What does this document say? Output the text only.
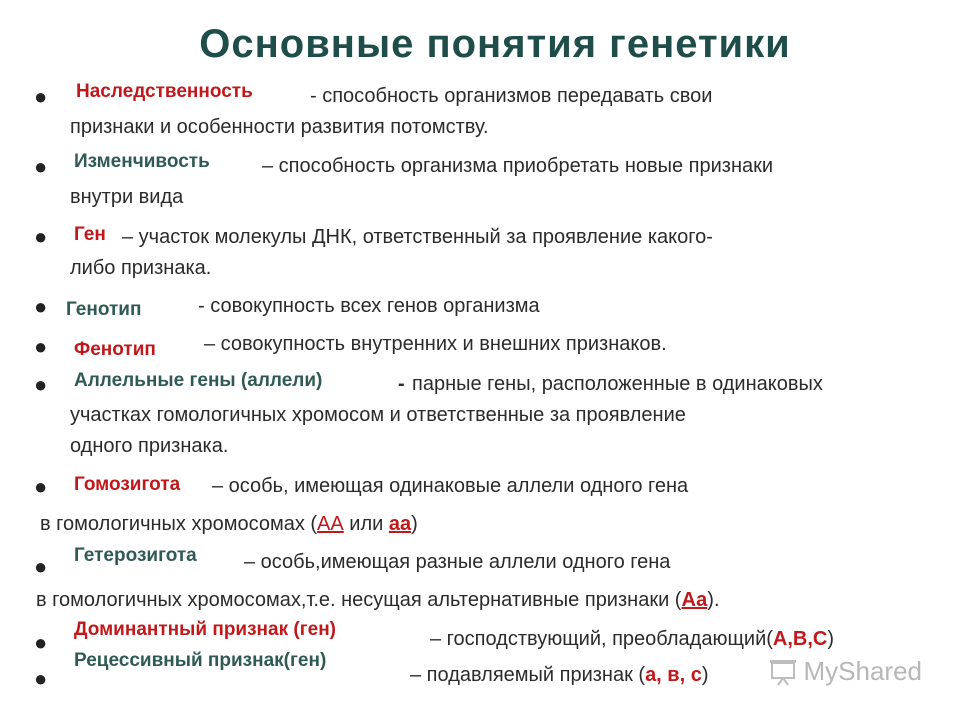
Основные понятия генетики
●
●
●
●
●
●
●
●
●
●
Наследственность	- способность организмов передавать свои
признаки и особенности развития потомству.
Изменчивость	– способность организма приобретать новые признаки
внутри вида
Ген – участок молекулы ДНК, ответственный за проявление какого-
либо признака.
Генотип	- совокупность всех генов организма
Фенотип – совокупность внутренних и внешних признаков.
Аллельные гены (аллели)	- парные гены, расположенные в одинаковых
участках гомологичных хромосом и ответственные за проявление
одного признака.
Гомозигота – особь, имеющая одинаковые аллели одного гена
в гомологичных хромосомах (АА или аа)
Гетерозигота – особь,имеющая разные аллели одного гена
в гомологичных хромосомах,т.е. несущая альтернативные признаки (Аа).
Доминантный признак (ген)	– господствующий, преобладающий(А,В,С)
Рецессивный признак(ген)
– подавляемый признак (а, в, с)	MyShared
